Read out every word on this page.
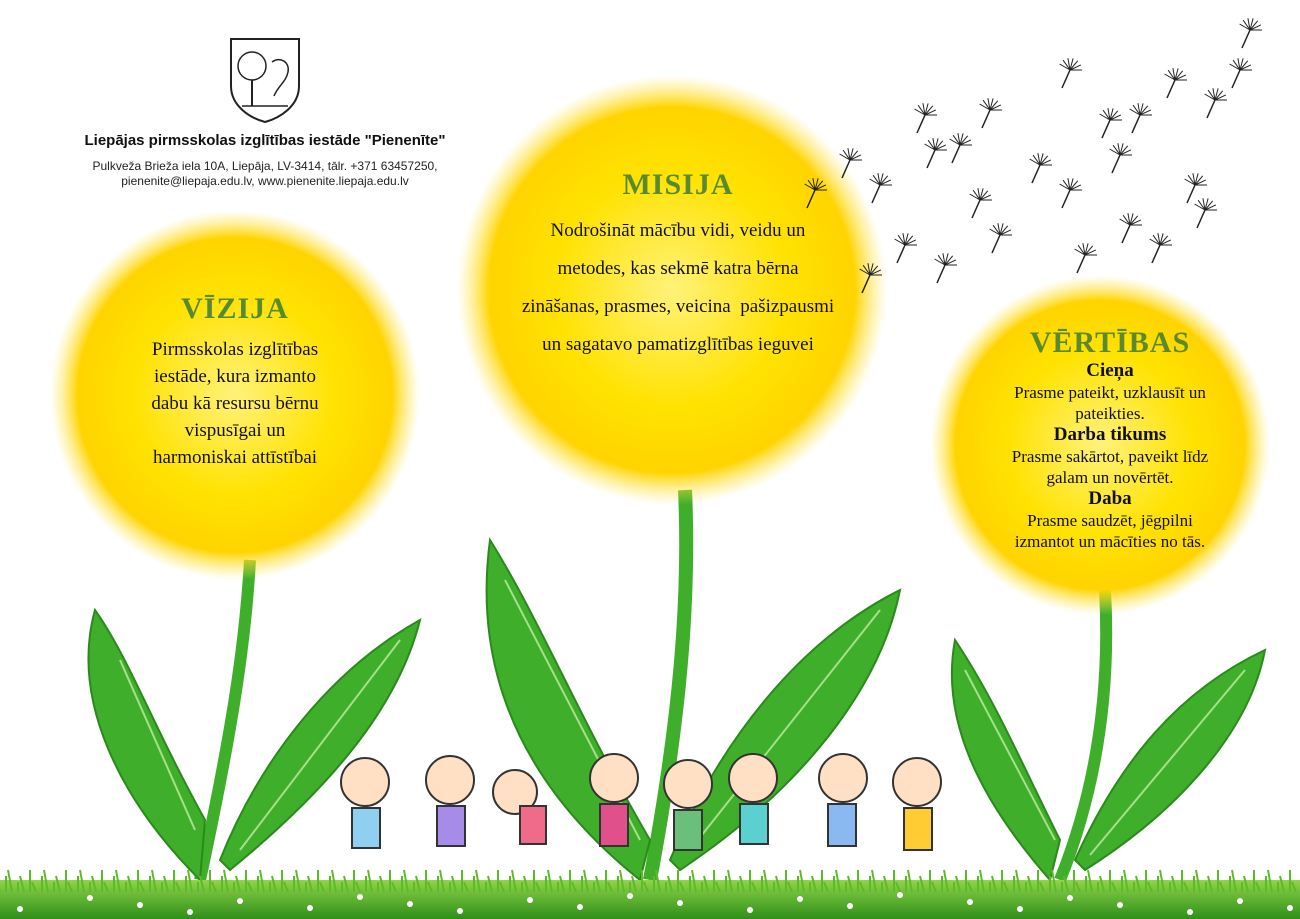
Liepājas pirmsskolas izglītības iestāde "Pienenīte"
Pulkveža Brieža iela 10A, Liepāja, LV-3414, tālr. +371 63457250,
pienenite@liepaja.edu.lv, www.pienenite.liepaja.edu.lv
VĪZIJA
Pirmsskolas izglītības
iestāde, kura izmanto
dabu kā resursu bērnu
vispusīgai un
harmoniskai attīstībai
MISIJA
Nodrošināt mācību vidi, veidu un
metodes, kas sekmē katra bērna
zināšanas, prasmes, veicina  pašizpausmi
un sagatavo pamatizglītības ieguvei	VĒRTĪBAS
Cieņa
Prasme pateikt, uzklausīt un
pateikties.
Darba tikums
Prasme sakārtot, paveikt līdz
galam un novērtēt.
Daba
Prasme saudzēt, jēgpilni
izmantot un mācīties no tās.
